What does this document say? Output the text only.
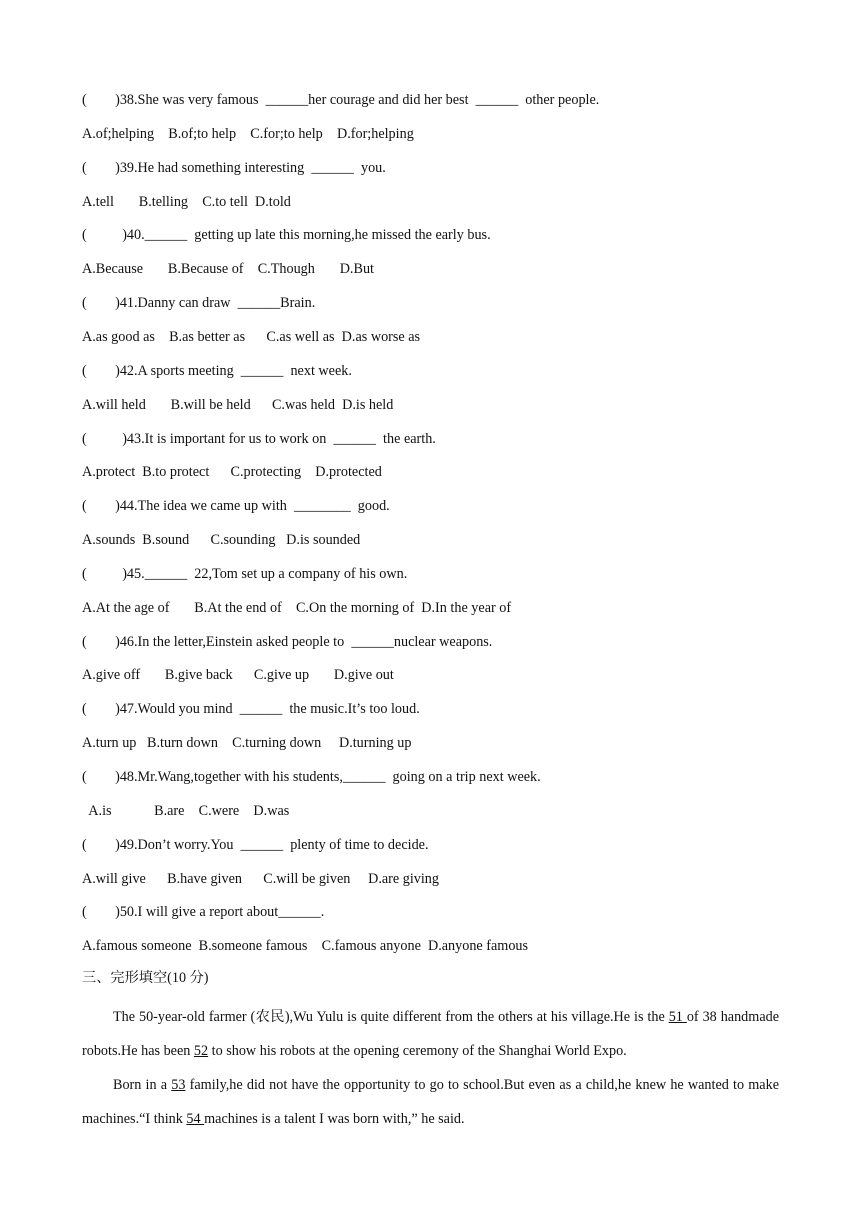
(        )38.She was very famous  ______her courage and did her best  ______  other people.
A.of;helping    B.of;to help    C.for;to help    D.for;helping
(        )39.He had something interesting  ______  you.
A.tell       B.telling    C.to tell  D.told
(          )40.______  getting up late this morning,he missed the early bus.
A.Because       B.Because of    C.Though       D.But
(        )41.Danny can draw  ______Brain.
A.as good as    B.as better as      C.as well as  D.as worse as
(        )42.A sports meeting  ______  next week.
A.will held       B.will be held      C.was held  D.is held
(          )43.It is important for us to work on  ______  the earth.
A.protect  B.to protect      C.protecting    D.protected
(        )44.The idea we came up with  ________  good.
A.sounds  B.sound      C.sounding   D.is sounded
(          )45.______  22,Tom set up a company of his own.
A.At the age of       B.At the end of    C.On the morning of  D.In the year of
(        )46.In the letter,Einstein asked people to  ______nuclear weapons.
A.give off       B.give back      C.give up       D.give out
(        )47.Would you mind  ______  the music.It’s too loud.
A.turn up   B.turn down    C.turning down     D.turning up
(        )48.Mr.Wang,together with his students,______  going on a trip next week.
A.is            B.are    C.were    D.was
(        )49.Don’t worry.You  ______  plenty of time to decide.
A.will give      B.have given      C.will be given     D.are giving
(        )50.I will give a report about______.
A.famous someone  B.someone famous    C.famous anyone  D.anyone famous
The 50-year-old farmer (农民),Wu Yulu is quite different from the others at his village.He is the 51 of 38 handmade robots.He has been 52 to show his robots at the opening ceremony of the Shanghai World Expo.
Born in a 53 family,he did not have the opportunity to go to school.But even as a child,he knew he wanted to make machines.“I think 54 machines is a talent I was born with,” he said.
三、完形填空(10 分)
